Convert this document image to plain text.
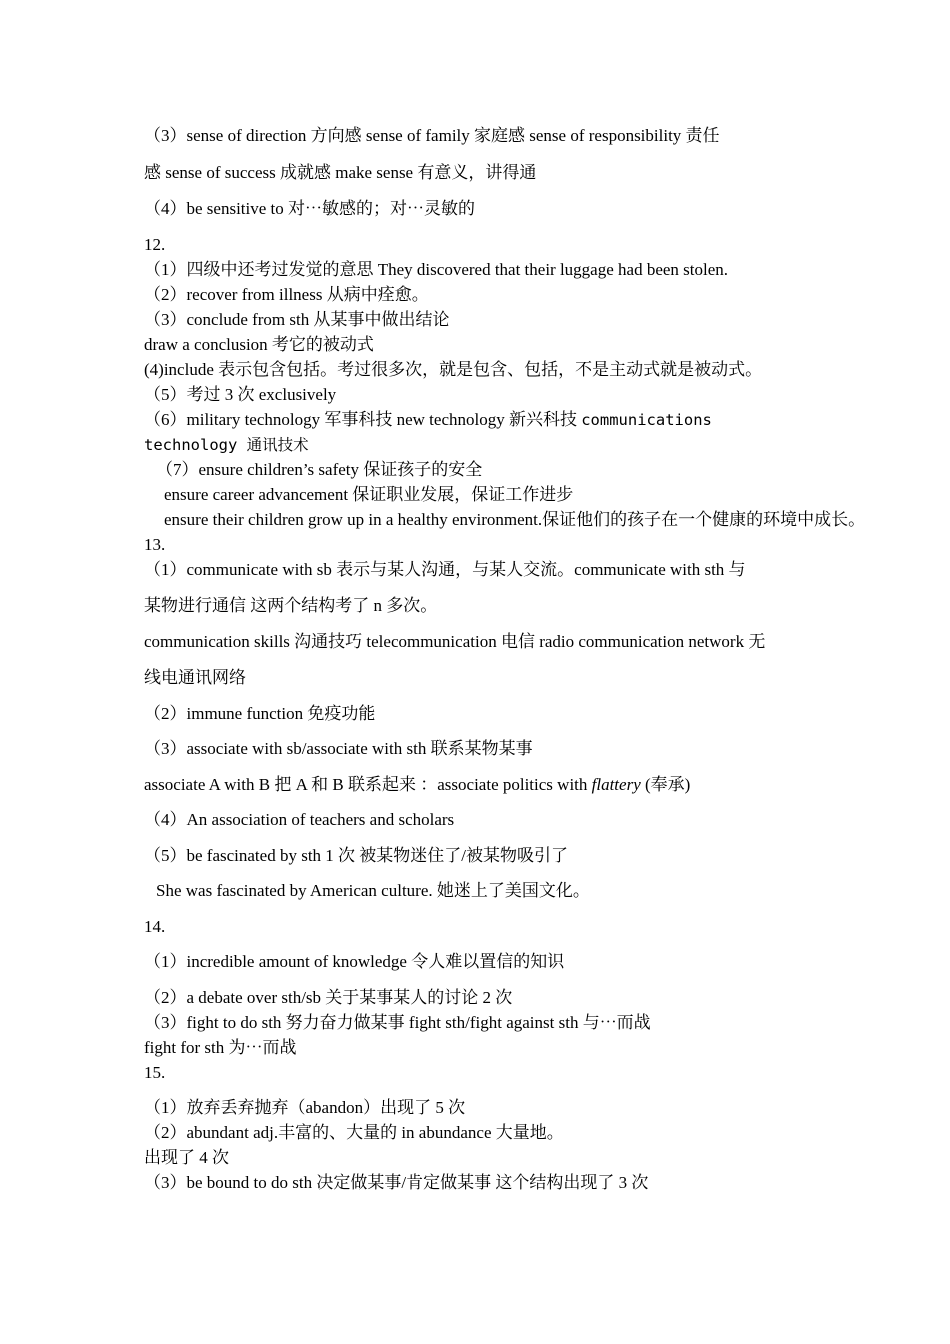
（3）sense of direction 方向感 sense of family 家庭感 sense of responsibility 责任
感 sense of success 成就感 make sense 有意义，讲得通
（4）be sensitive to 对⋯敏感的；对⋯灵敏的
12.
（1）四级中还考过发觉的意思 They discovered that their luggage had been stolen.
（2）recover from illness 从病中痊愈。
（3）conclude from sth 从某事中做出结论
draw a conclusion 考它的被动式
(4)include 表示包含包括。考过很多次，就是包含、包括，不是主动式就是被动式。
（5）考过 3 次 exclusively
（6）military technology 军事科技 new technology 新兴科技 communications
technology 通讯技术
（7）ensure children’s safety 保证孩子的安全
ensure career advancement 保证职业发展，保证工作进步
ensure their children grow up in a healthy environment.保证他们的孩子在一个健康的环境中成长。
13.
（1）communicate with sb 表示与某人沟通，与某人交流。communicate with sth 与
某物进行通信 这两个结构考了 n 多次。
communication skills 沟通技巧 telecommunication 电信 radio communication network 无
线电通讯网络
（2）immune function 免疫功能
（3）associate with sb/associate with sth 联系某物某事
associate A with B 把 A 和 B 联系起来 ：associate politics with flattery (奉承)
（4）An association of teachers and scholars
（5）be fascinated by sth 1 次 被某物迷住了/被某物吸引了
She was fascinated by American culture. 她迷上了美国文化。
14.
（1）incredible amount of knowledge 令人难以置信的知识
（2）a debate over sth/sb 关于某事某人的讨论 2 次
（3）fight to do sth 努力奋力做某事 fight sth/fight against sth 与⋯而战
fight for sth 为⋯而战
15.
（1）放弃丢弃抛弃（abandon）出现了 5 次
（2）abundant adj.丰富的、大量的 in abundance 大量地。
出现了 4 次
（3）be bound to do sth 决定做某事/肯定做某事 这个结构出现了 3 次
